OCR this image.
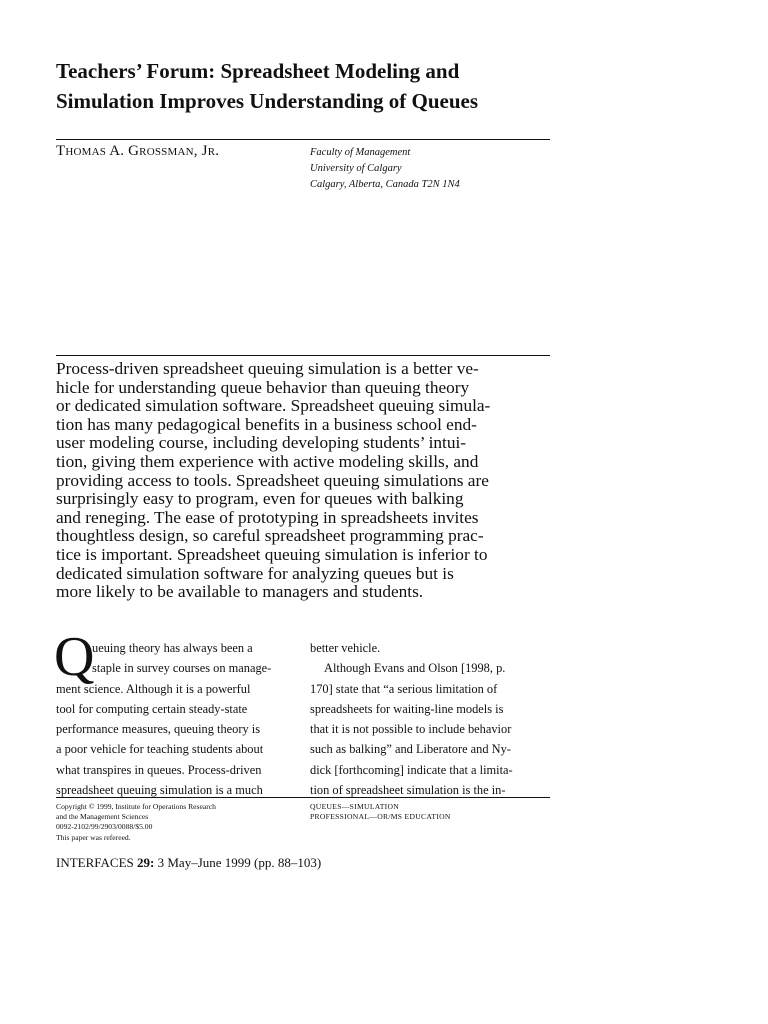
Teachers’ Forum: Spreadsheet Modeling and
Simulation Improves Understanding of Queues
Thomas A. Grossman, Jr.	Faculty of Management
University of Calgary
Calgary, Alberta, Canada T2N 1N4
Process-driven spreadsheet queuing simulation is a better ve-
hicle for understanding queue behavior than queuing theory
or dedicated simulation software. Spreadsheet queuing simula-
tion has many pedagogical benefits in a business school end-
user modeling course, including developing students’ intui-
tion, giving them experience with active modeling skills, and
providing access to tools. Spreadsheet queuing simulations are
surprisingly easy to program, even for queues with balking
and reneging. The ease of prototyping in spreadsheets invites
thoughtless design, so careful spreadsheet programming prac-
tice is important. Spreadsheet queuing simulation is inferior to
dedicated simulation software for analyzing queues but is
more likely to be available to managers and students.
Q
ueuing theory has always been a
staple in survey courses on manage-
ment science. Although it is a powerful
tool for computing certain steady-state
performance measures, queuing theory is
a poor vehicle for teaching students about
what transpires in queues. Process-driven
spreadsheet queuing simulation is a much
better vehicle.
Although Evans and Olson [1998, p.
170] state that “a serious limitation of
spreadsheets for waiting-line models is
that it is not possible to include behavior
such as balking” and Liberatore and Ny-
dick [forthcoming] indicate that a limita-
tion of spreadsheet simulation is the in-
Copyright © 1999, Institute for Operations Research
and the Management Sciences
0092-2102/99/2903/0088/$5.00
This paper was refereed.
QUEUES—SIMULATION
PROFESSIONAL—OR/MS EDUCATION
INTERFACES 29: 3 May–June 1999 (pp. 88–103)
